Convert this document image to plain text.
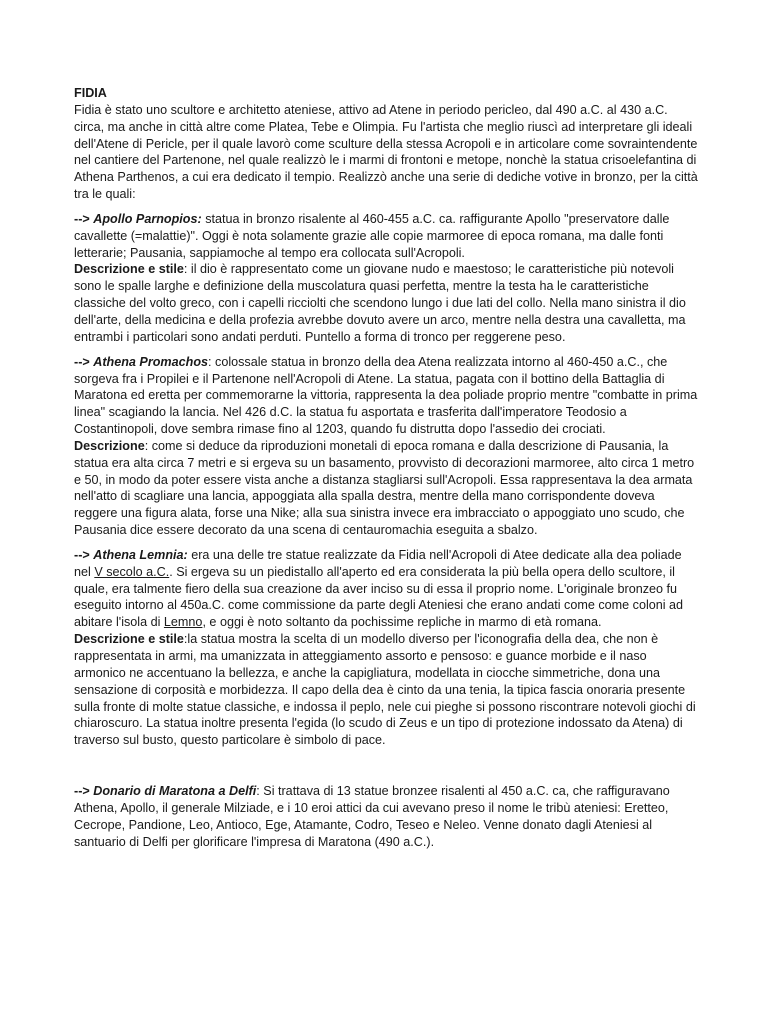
FIDIA

Fidia è stato uno scultore e architetto ateniese, attivo ad Atene in periodo pericleo, dal 490 a.C. al 430 a.C. circa, ma anche in città altre come Platea, Tebe e Olimpia. Fu l'artista che meglio riuscì ad interpretare gli ideali dell'Atene di Pericle, per il quale lavorò come sculture della stessa Acropoli e in articolare come sovraintendente nel cantiere del Partenone, nel quale realizzò le i marmi di frontoni e metope, nonchè la statua crisoelefantina di Athena Parthenos, a cui era dedicato il tempio. Realizzò anche una serie di dediche votive in bronzo, per la città tra le quali:

--> Apollo Parnopios: statua in bronzo risalente al 460-455 a.C. ca. raffigurante Apollo "preservatore dalle cavallette (=malattie)". Oggi è nota solamente grazie alle copie marmoree di epoca romana, ma dalle fonti letterarie; Pausania, sappiamoche al tempo era collocata sull'Acropoli.

Descrizione e stile: il dio è rappresentato come un giovane nudo e maestoso; le caratteristiche più notevoli sono le spalle larghe e definizione della muscolatura quasi perfetta, mentre la testa ha le caratteristiche classiche del volto greco, con i capelli ricciolti che scendono lungo i due lati del collo. Nella mano sinistra il dio dell'arte, della medicina e della profezia avrebbe dovuto avere un arco, mentre nella destra una cavalletta, ma entrambi i particolari sono andati perduti. Puntello a forma di tronco per reggerene peso.

--> Athena Promachos: colossale statua in bronzo della dea Atena realizzata intorno al 460-450 a.C., che sorgeva fra i Propilei e il Partenone nell'Acropoli di Atene. La statua, pagata con il bottino della Battaglia di Maratona ed eretta per commemorarne la vittoria, rappresenta la dea poliade proprio mentre "combatte in prima linea" scagiando la lancia. Nel 426 d.C. la statua fu asportata e trasferita dall'imperatore Teodosio a Costantinopoli, dove sembra rimase fino al 1203, quando fu distrutta dopo l'assedio dei crociati.

Descrizione: come si deduce da riproduzioni monetali di epoca romana e dalla descrizione di Pausania, la statua era alta circa 7 metri e si ergeva su un basamento, provvisto di decorazioni marmoree, alto circa 1 metro e 50, in modo da poter essere vista anche a distanza stagliarsi sull'Acropoli. Essa rappresentava la dea armata nell'atto di scagliare una lancia, appoggiata alla spalla destra, mentre della mano corrispondente doveva reggere una figura alata, forse una Nike; alla sua sinistra invece era imbracciato o appoggiato uno scudo, che Pausania dice essere decorato da una scena di centauromachia eseguita a sbalzo.

--> Athena Lemnia: era una delle tre statue realizzate da Fidia nell'Acropoli di Atee dedicate alla dea poliade nel V secolo a.C.. Si ergeva su un piedistallo all'aperto ed era considerata la più bella opera dello scultore, il quale, era talmente fiero della sua creazione da aver inciso su di essa il proprio nome. L'originale bronzeo fu eseguito intorno al 450a.C. come commissione da parte degli Ateniesi che erano andati come come coloni ad abitare l'isola di Lemno, e oggi è noto soltanto da pochissime repliche in marmo di età romana.

Descrizione e stile:la statua mostra la scelta di un modello diverso per l'iconografia della dea, che non è rappresentata in armi, ma umanizzata in atteggiamento assorto e pensoso: e guance morbide e il naso armonico ne accentuano la bellezza, e anche la capigliatura, modellata in ciocche simmetriche, dona una sensazione di corposità e morbidezza. Il capo della dea è cinto da una tenia, la tipica fascia onoraria presente sulla fronte di molte statue classiche, e indossa il peplo, nele cui pieghe si possono riscontrare notevoli giochi di chiaroscuro. La statua inoltre presenta l'egida (lo scudo di Zeus e un tipo di protezione indossato da Atena) di traverso sul busto, questo particolare è simbolo di pace.

--> Donario di Maratona a Delfi: Si trattava di 13 statue bronzee risalenti al 450 a.C. ca, che raffiguravano Athena, Apollo, il generale Milziade, e i 10 eroi attici da cui avevano preso il nome le tribù ateniesi: Eretteo, Cecrope, Pandione, Leo, Antioco, Ege, Atamante, Codro, Teseo e Neleo. Venne donato dagli Ateniesi al santuario di Delfi per glorificare l'impresa di Maratona (490 a.C.).
